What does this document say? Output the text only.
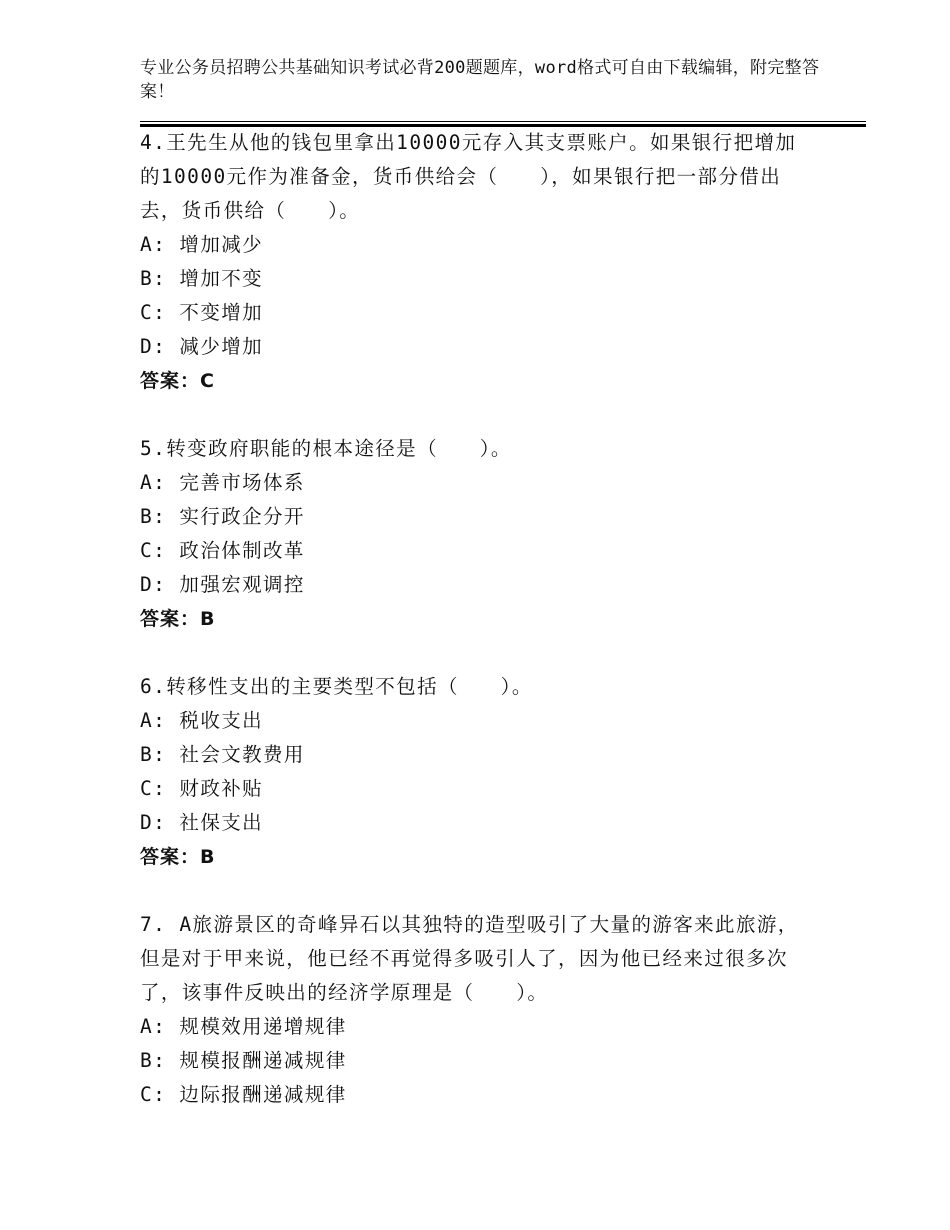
专业公务员招聘公共基础知识考试必背200题题库，word格式可自由下载编辑，附完整答案！
4.王先生从他的钱包里拿出10000元存入其支票账户。如果银行把增加的10000元作为准备金，货币供给会（　　），如果银行把一部分借出去，货币供给（　　）。
A: 增加减少
B: 增加不变
C: 不变增加
D: 减少增加
答案：C
5.转变政府职能的根本途径是（　　）。
A: 完善市场体系
B: 实行政企分开
C: 政治体制改革
D: 加强宏观调控
答案：B
6.转移性支出的主要类型不包括（　　）。
A: 税收支出
B: 社会文教费用
C: 财政补贴
D: 社保支出
答案：B
7. A旅游景区的奇峰异石以其独特的造型吸引了大量的游客来此旅游，但是对于甲来说，他已经不再觉得多吸引人了，因为他已经来过很多次了，该事件反映出的经济学原理是（　　）。
A: 规模效用递增规律
B: 规模报酬递减规律
C: 边际报酬递减规律
